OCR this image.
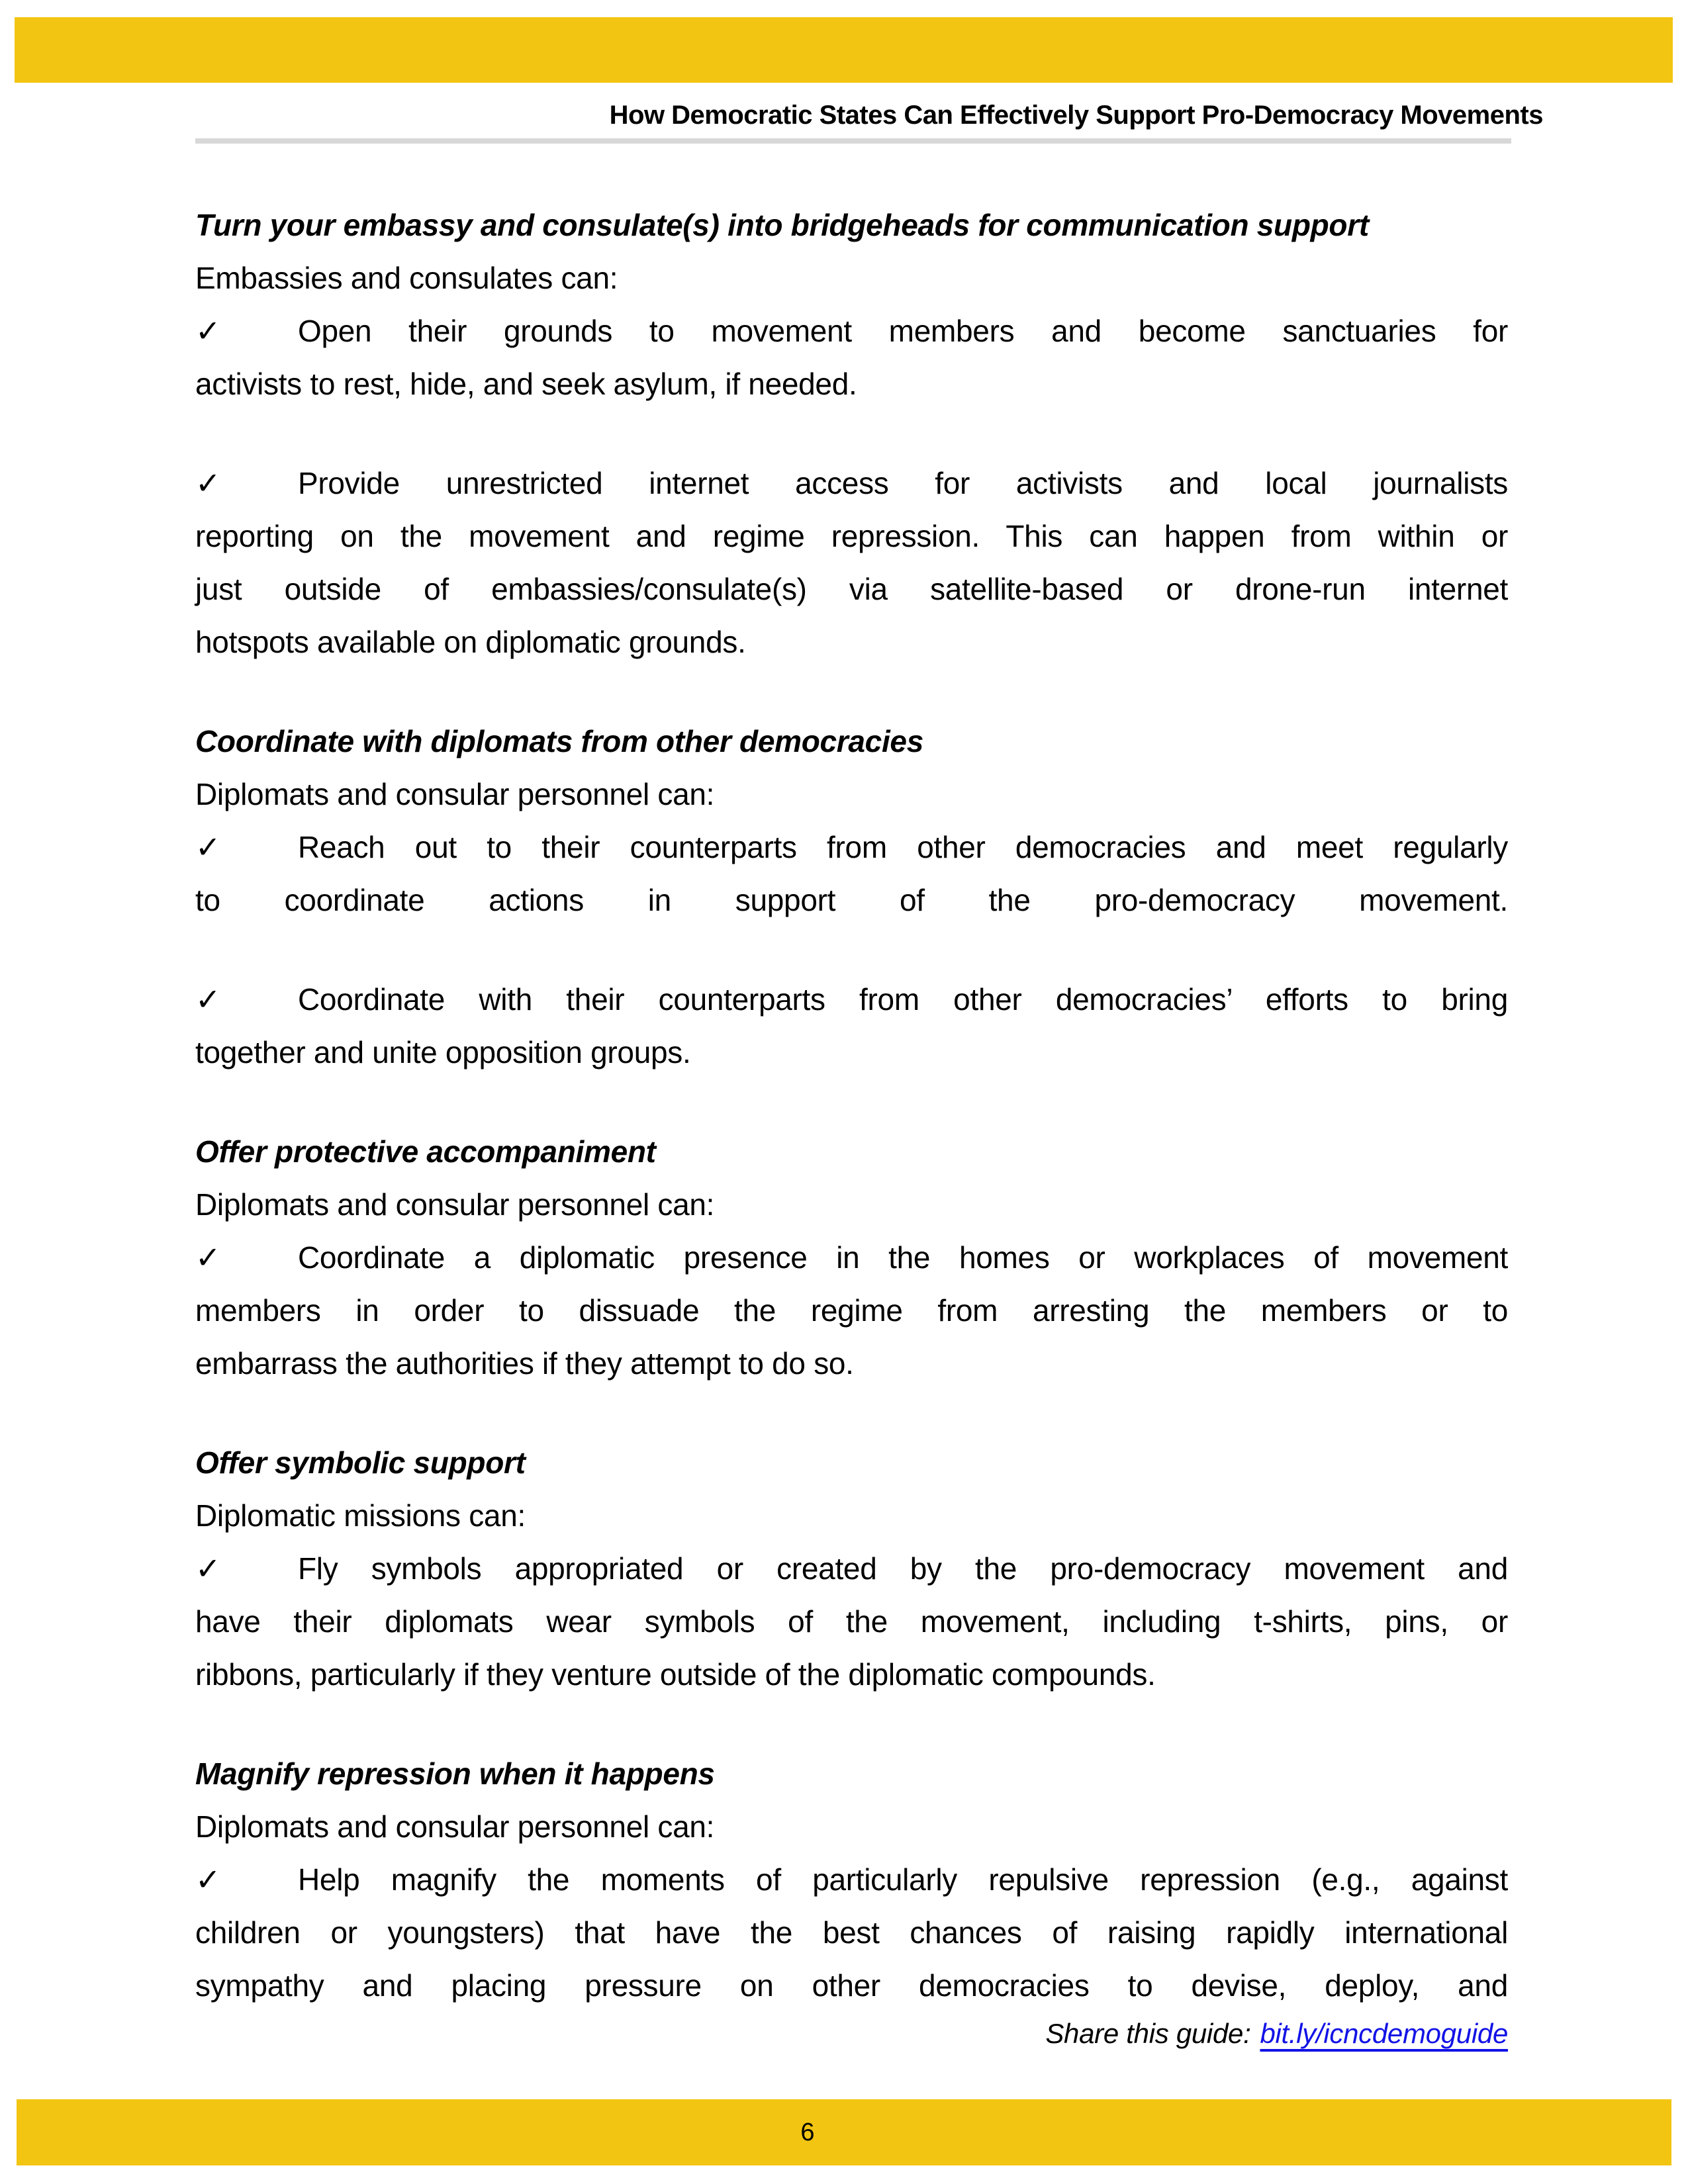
How Democratic States Can Effectively Support Pro-Democracy Movements
Turn your embassy and consulate(s) into bridgeheads for communication support
Embassies and consulates can:
✓	Open their grounds to movement members and become sanctuaries for
activists to rest, hide, and seek asylum, if needed.
✓	Provide unrestricted internet access for activists and local journalists
reporting on the movement and regime repression. This can happen from within or
just outside of embassies/consulate(s) via satellite-based or drone-run internet
hotspots available on diplomatic grounds.
Coordinate with diplomats from other democracies
Diplomats and consular personnel can:
✓	Reach out to their counterparts from other democracies and meet regularly
to coordinate actions in support of the pro-democracy movement.
✓	Coordinate with their counterparts from other democracies’ efforts to bring
together and unite opposition groups.
Offer protective accompaniment
Diplomats and consular personnel can:
✓	Coordinate a diplomatic presence in the homes or workplaces of movement
members in order to dissuade the regime from arresting the members or to
embarrass the authorities if they attempt to do so.
Offer symbolic support
Diplomatic missions can:
✓	Fly symbols appropriated or created by the pro-democracy movement and
have their diplomats wear symbols of the movement, including t-shirts, pins, or
ribbons, particularly if they venture outside of the diplomatic compounds.
Magnify repression when it happens
Diplomats and consular personnel can:
✓	Help magnify the moments of particularly repulsive repression (e.g., against
children or youngsters) that have the best chances of raising rapidly international
sympathy and placing pressure on other democracies to devise, deploy, and
Share this guide: bit.ly/icncdemoguide
6
